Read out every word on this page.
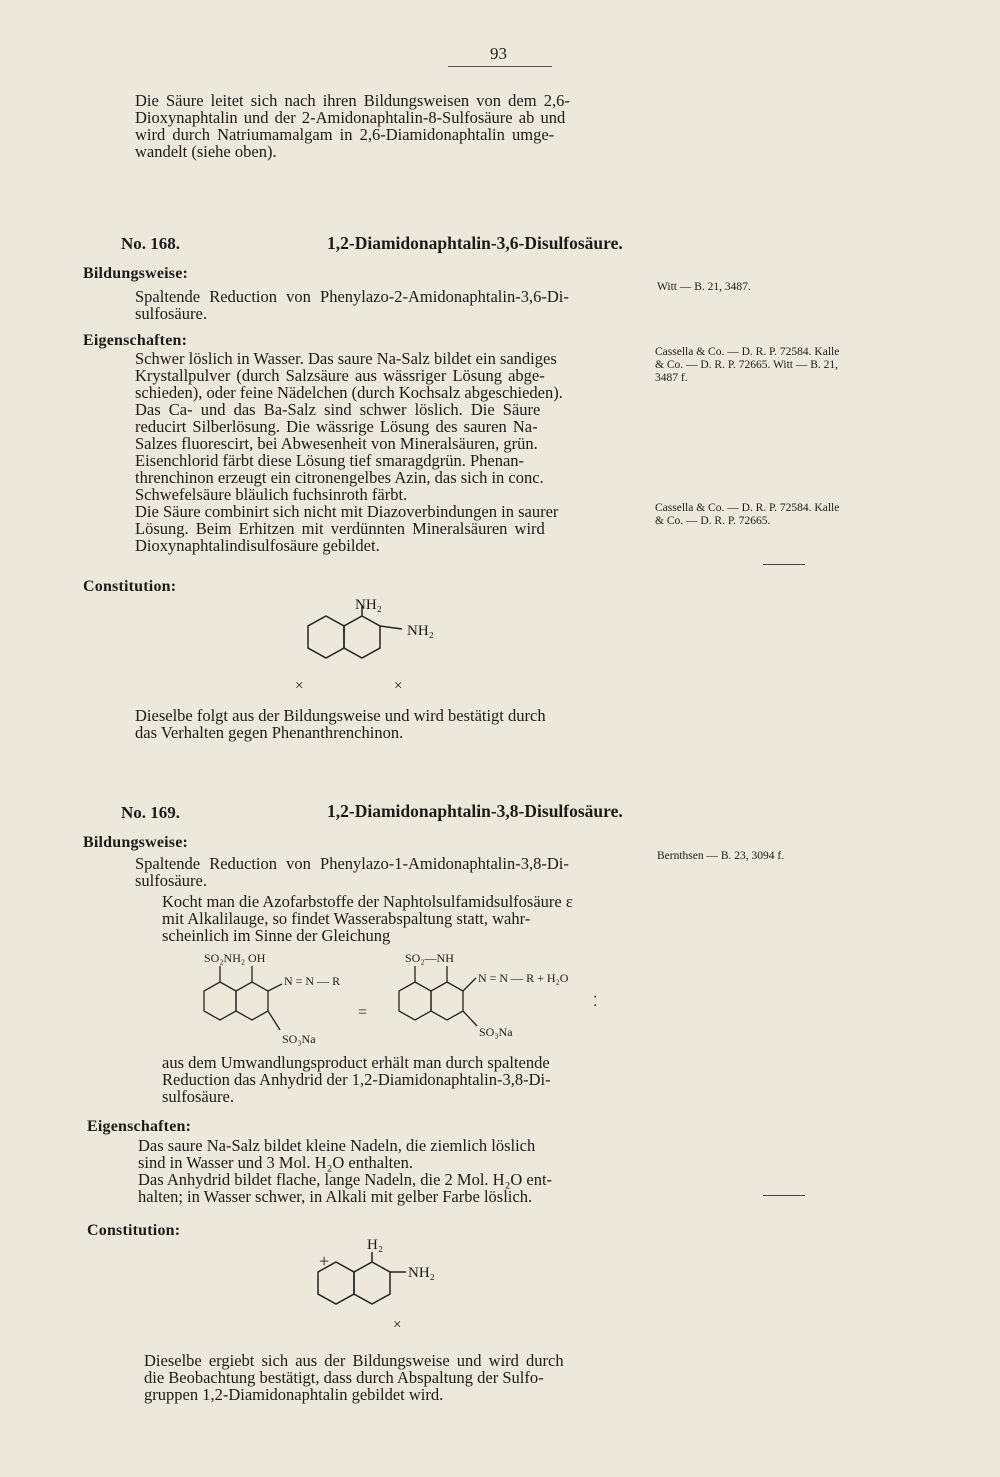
93

Die Säure leitet sich nach ihren Bildungsweisen von dem 2,6-

Dioxynaphtalin und der 2-Amidonaphtalin-8-Sulfosäure ab und

wird durch Natriumamalgam in 2,6-Diamidonaphtalin umge-

wandelt (siehe oben).

No. 168.	1,2-Diamidonaphtalin-3,6-Disulfosäure.
Bildungsweise:

Spaltende Reduction von Phenylazo-2-Amidonaphtalin-3,6-Di-

sulfosäure.

Witt — B. 21, 3487.
Eigenschaften:

Schwer löslich in Wasser. Das saure Na-Salz bildet ein sandiges

Krystallpulver (durch Salzsäure aus wässriger Lösung abge-

schieden), oder feine Nädelchen (durch Kochsalz abgeschieden).

Das Ca- und das Ba-Salz sind schwer löslich. Die Säure

reducirt Silberlösung. Die wässrige Lösung des sauren Na-

Salzes fluorescirt, bei Abwesenheit von Mineralsäuren, grün.

Eisenchlorid färbt diese Lösung tief smaragdgrün. Phenan-

threnchinon erzeugt ein citronengelbes Azin, das sich in conc.

Schwefelsäure bläulich fuchsinroth färbt.

Die Säure combinirt sich nicht mit Diazoverbindungen in saurer

Lösung. Beim Erhitzen mit verdünnten Mineralsäuren wird

Dioxynaphtalindisulfosäure gebildet.

Cassella & Co. — D. R. P. 72584. Kalle
& Co. — D. R. P. 72665. Witt — B. 21,
3487 f.
Cassella & Co. — D. R. P. 72584. Kalle
& Co. — D. R. P. 72665.
Constitution:
NH₂
NH₂
×	×

Dieselbe folgt aus der Bildungsweise und wird bestätigt durch

das Verhalten gegen Phenanthrenchinon.

No. 169.	1,2-Diamidonaphtalin-3,8-Disulfosäure.
Bildungsweise:

Spaltende Reduction von Phenylazo-1-Amidonaphtalin-3,8-Di-

sulfosäure.

Bernthsen — B. 23, 3094 f.

Kocht man die Azofarbstoffe der Naphtolsulfamidsulfosäure ε

mit Alkalilauge, so findet Wasserabspaltung statt, wahr-

scheinlich im Sinne der Gleichung

SO₂NH₂ OH
N = N — R
SO₃Na
=
SO₂—NH
N = N — R + H₂O
SO₃Na
⁚

aus dem Umwandlungsproduct erhält man durch spaltende

Reduction das Anhydrid der 1,2-Diamidonaphtalin-3,8-Di-

sulfosäure.

Eigenschaften:

Das saure Na-Salz bildet kleine Nadeln, die ziemlich löslich

sind in Wasser und 3 Mol. H₂O enthalten.

Das Anhydrid bildet flache, lange Nadeln, die 2 Mol. H₂O ent-

halten; in Wasser schwer, in Alkali mit gelber Farbe löslich.

Constitution:
H₂
NH₂
+
×

Dieselbe ergiebt sich aus der Bildungsweise und wird durch

die Beobachtung bestätigt, dass durch Abspaltung der Sulfo-

gruppen 1,2-Diamidonaphtalin gebildet wird.
